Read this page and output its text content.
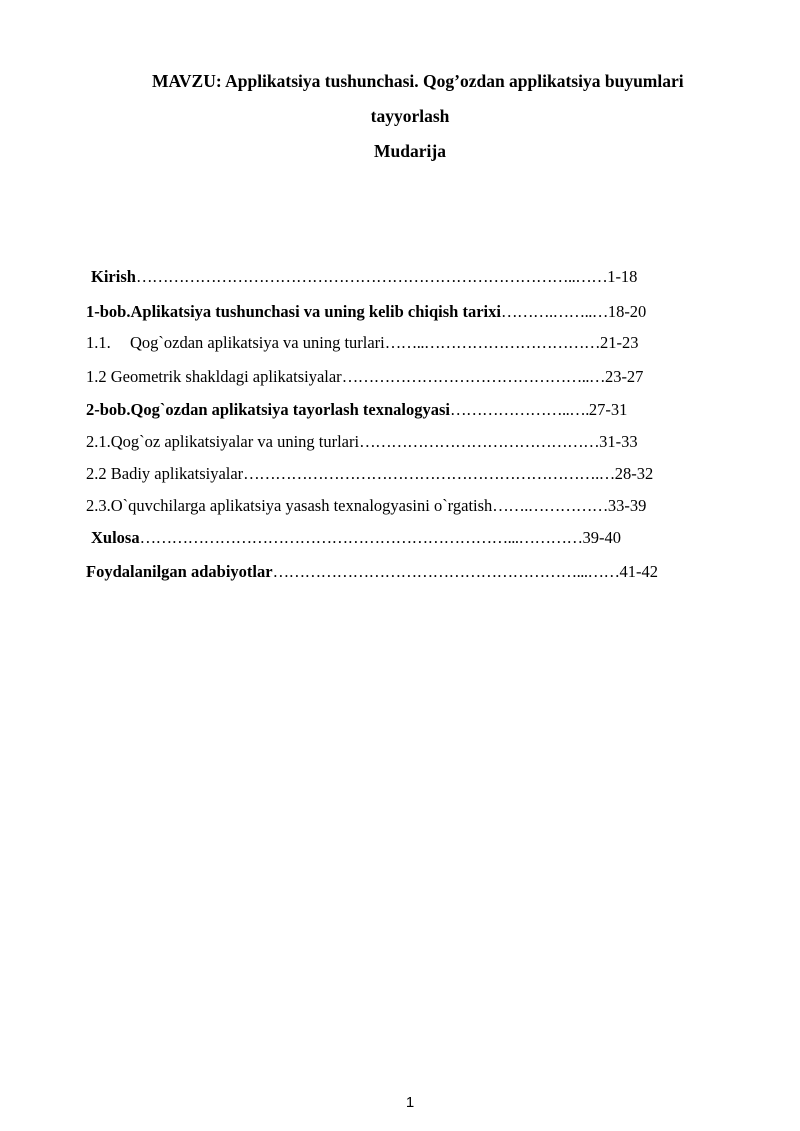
MAVZU: Applikatsiya tushunchasi. Qog’ozdan applikatsiya buyumlari
tayyorlash
Mudarija
Kirish ………………………………………………………………………..…… 1-18
1-bob .Aplikatsiya tushunchasi va uning kelib chiqish tarixi ……….……..… 18-20
1.1.	Qog`ozdan aplikatsiya va uning turlari ……..…………………………… 21-23
1.2 Geometrik shakldagi aplikatsiyalar ………………………………………..… 23-27
2-bob .Qog`ozdan aplikatsiya tayorlash texnalogyasi …………………..…. 27-31
2.1.Qog`oz aplikatsiyalar va uning turlari ……………………………………… 31-33
2.2 Badiy aplikatsiyalar ………………………………………………………….… 28-32
2.3.O`quvchilarga aplikatsiya yasash texnalogyasini o`rgatish …….…………… 33-39
Xulosa ……………………………………………………………...………… 39-40
Foydalanilgan adabiyotlar …………………………………………………...…… 41-42
1
